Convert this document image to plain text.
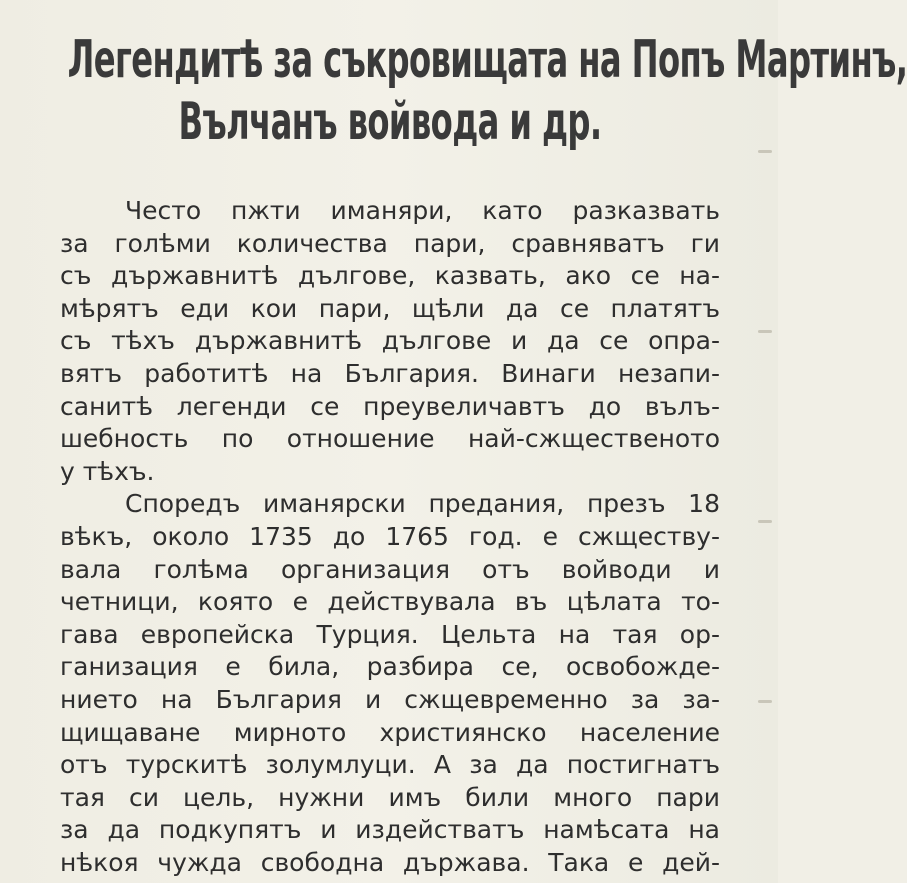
Легендитѣ за съкровищата на Попъ Мартинъ,
Вълчанъ войвода и др.
Често пжти иманяри, като разказвать
за голѣми количества пари, сравняватъ ги
съ държавнитѣ дългове, казвать, ако се на-
мѣрятъ еди кои пари, щѣли да се платятъ
съ тѣхъ държавнитѣ дългове и да се опра-
вятъ работитѣ на България. Винаги незапи-
санитѣ легенди се преувеличавтъ до вълъ-
шебность по отношение най-сжщественото
у тѣхъ.
Споредъ иманярски предания, презъ 18
вѣкъ, около 1735 до 1765 год. е сжществу-
вала голѣма организация отъ войводи и
четници, която е действувала въ цѣлата то-
гава европейска Турция. Цельта на тая ор-
ганизация е била, разбира се, освобожде-
нието на България и сжщевременно за за-
щищаване мирното християнско население
отъ турскитѣ золумлуци. А за да постигнатъ
тая си цель, нужни имъ били много пари
за да подкупятъ и издействатъ намѣсата на
нѣкоя чужда свободна държава. Така е дей-
